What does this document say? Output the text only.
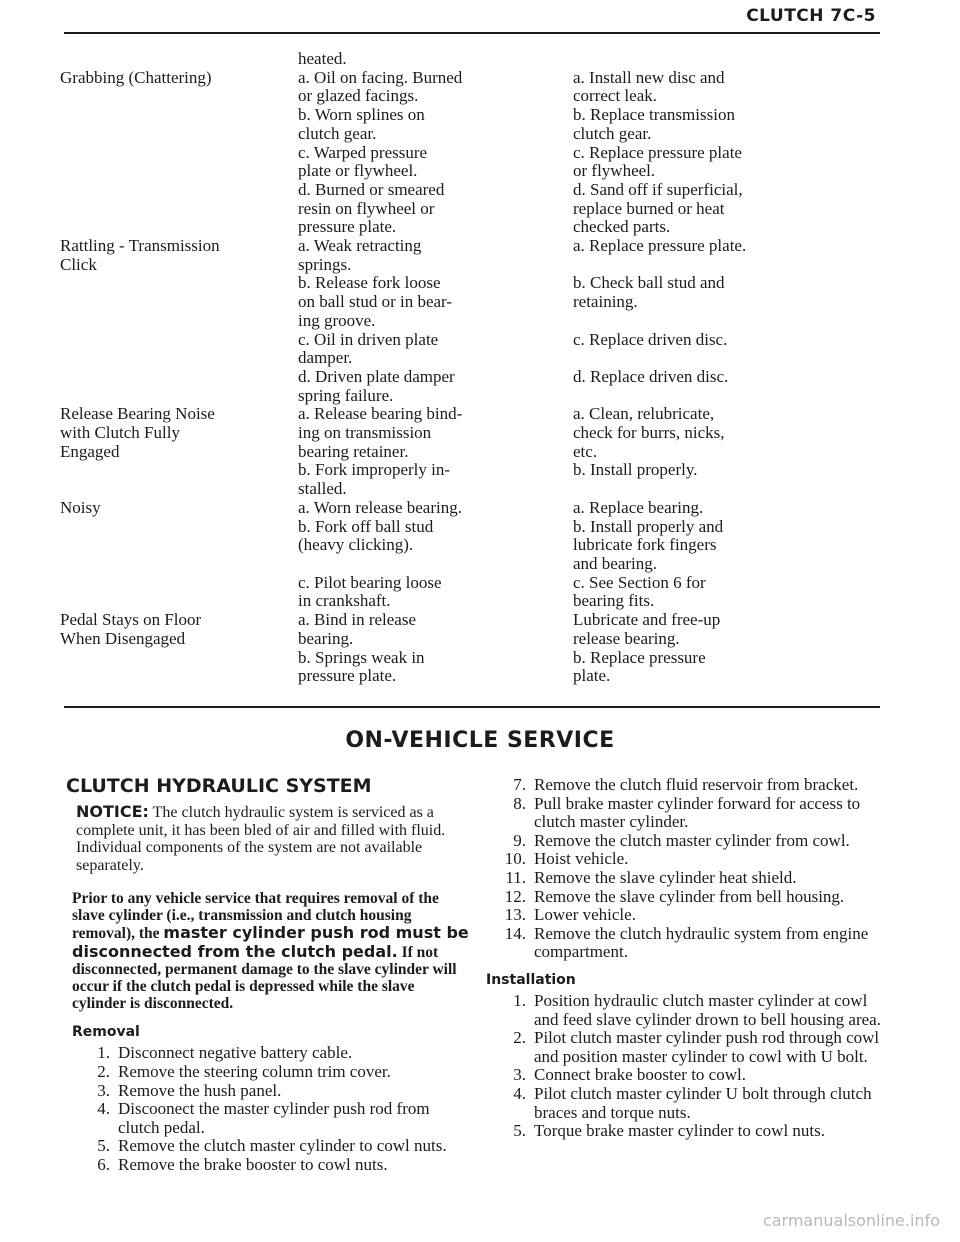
CLUTCH 7C-5
heated.
Grabbing (Chattering)	a. Oil on facing. Burned
or glazed facings.
b. Worn splines on
clutch gear.
c. Warped pressure
plate or flywheel.
d. Burned or smeared
resin on flywheel or
pressure plate.
a. Install new disc and
correct leak.
b. Replace transmission
clutch gear.
c. Replace pressure plate
or flywheel.
d. Sand off if superficial,
replace burned or heat
checked parts.
Rattling - Transmission
Click
a. Weak retracting
springs.
b. Release fork loose
on ball stud or in bear-
ing groove.
c. Oil in driven plate
damper.
d. Driven plate damper
spring failure.
a. Replace pressure plate.
b. Check ball stud and
retaining.
c. Replace driven disc.
d. Replace driven disc.
Release Bearing Noise
with Clutch Fully
Engaged
a. Release bearing bind-
ing on transmission
bearing retainer.
b. Fork improperly in-
stalled.
a. Clean, relubricate,
check for burrs, nicks,
etc.
b. Install properly.
Noisy	a. Worn release bearing.
b. Fork off ball stud
(heavy clicking).
c. Pilot bearing loose
in crankshaft.
a. Replace bearing.
b. Install properly and
lubricate fork fingers
and bearing.
c. See Section 6 for
bearing fits.
Pedal Stays on Floor
When Disengaged
a. Bind in release
bearing.
b. Springs weak in
pressure plate.
Lubricate and free-up
release bearing.
b. Replace pressure
plate.
ON-VEHICLE SERVICE
CLUTCH HYDRAULIC SYSTEM
NOTICE: The clutch hydraulic system is serviced as a complete unit, it has been bled of air and filled with fluid. Individual components of the system are not available separately.
Prior to any vehicle service that requires removal of the slave cylinder (i.e., transmission and clutch housing removal), the master cylinder push rod must be disconnected from the clutch pedal. If not disconnected, permanent damage to the slave cylinder will occur if the clutch pedal is depressed while the slave cylinder is disconnected.
Removal
1. Disconnect negative battery cable.
2. Remove the steering column trim cover.
3. Remove the hush panel.
4. Discoonect the master cylinder push rod from clutch pedal.
5. Remove the clutch master cylinder to cowl nuts.
6. Remove the brake booster to cowl nuts.
7. Remove the clutch fluid reservoir from bracket.
8. Pull brake master cylinder forward for access to clutch master cylinder.
9. Remove the clutch master cylinder from cowl.
10. Hoist vehicle.
11. Remove the slave cylinder heat shield.
12. Remove the slave cylinder from bell housing.
13. Lower vehicle.
14. Remove the clutch hydraulic system from engine compartment.
Installation
1. Position hydraulic clutch master cylinder at cowl and feed slave cylinder drown to bell housing area.
2. Pilot clutch master cylinder push rod through cowl and position master cylinder to cowl with U bolt.
3. Connect brake booster to cowl.
4. Pilot clutch master cylinder U bolt through clutch braces and torque nuts.
5. Torque brake master cylinder to cowl nuts.
carmanualsonline.info
